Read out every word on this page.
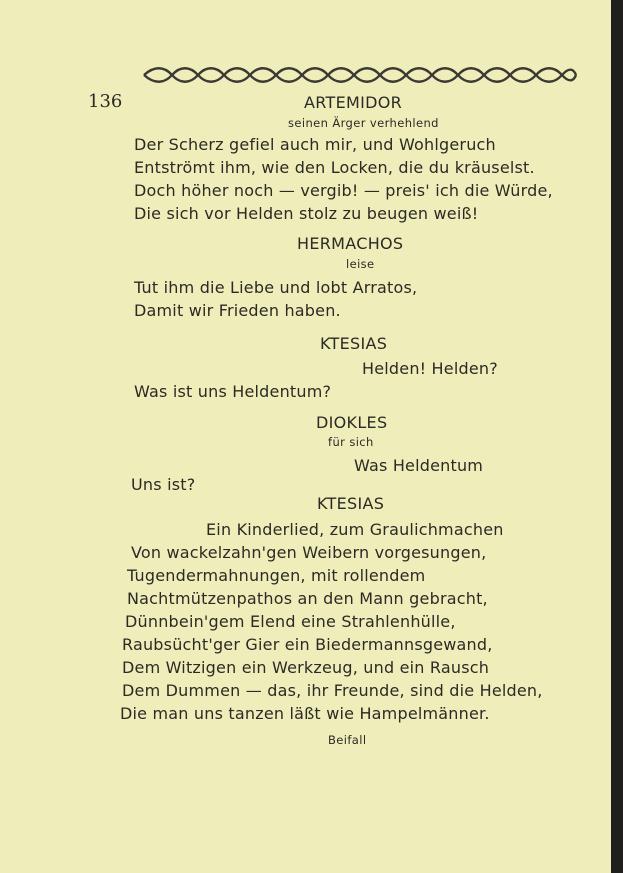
136	ARTEMIDOR
seinen Ärger verhehlend
Der Scherz gefiel auch mir, und Wohlgeruch
Entströmt ihm, wie den Locken, die du kräuselst.
Doch höher noch — vergib! — preis' ich die Würde,
Die sich vor Helden stolz zu beugen weiß!
HERMACHOS
leise
Tut ihm die Liebe und lobt Arratos,
Damit wir Frieden haben.
KTESIAS
Helden! Helden?
Was ist uns Heldentum?
DIOKLES
für sich
Was Heldentum
Uns ist?
KTESIAS
Ein Kinderlied, zum Graulichmachen
Von wackelzahn'gen Weibern vorgesungen,
Tugendermahnungen, mit rollendem
Nachtmützenpathos an den Mann gebracht,
Dünnbein'gem Elend eine Strahlenhülle,
Raubsücht'ger Gier ein Biedermannsgewand,
Dem Witzigen ein Werkzeug, und ein Rausch
Dem Dummen — das, ihr Freunde, sind die Helden,
Die man uns tanzen läßt wie Hampelmänner.
Beifall
